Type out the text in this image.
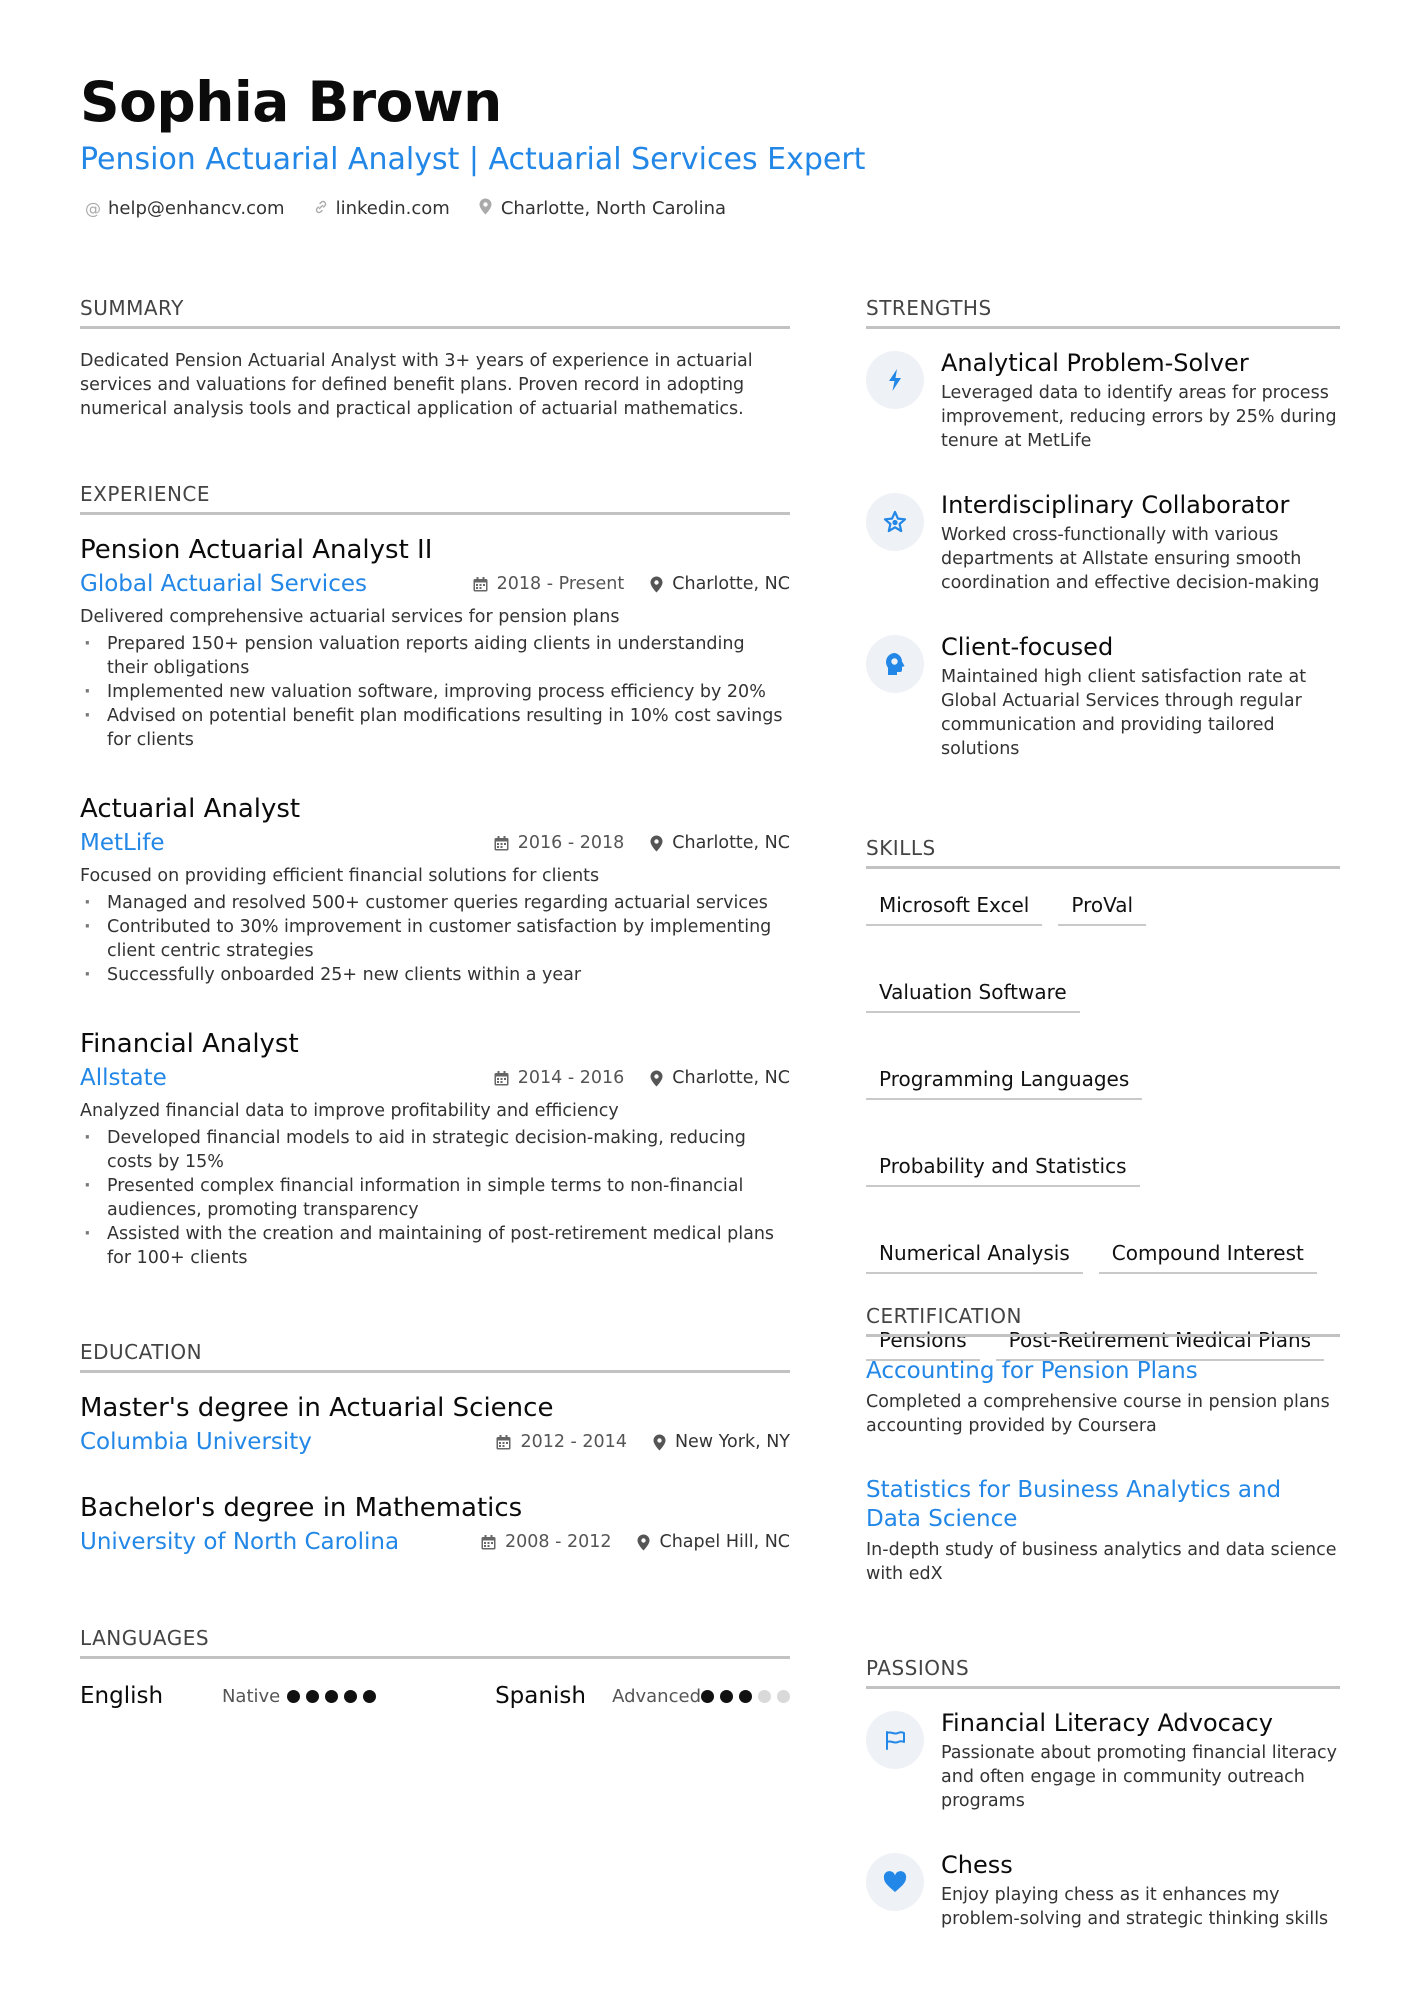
Sophia Brown
Pension Actuarial Analyst | Actuarial Services Expert
@ help@enhancv.com	linkedin.com	Charlotte, North Carolina
SUMMARY
Dedicated Pension Actuarial Analyst with 3+ years of experience in actuarial services and valuations for defined benefit plans. Proven record in adopting numerical analysis tools and practical application of actuarial mathematics.
EXPERIENCE
Pension Actuarial Analyst II
Global Actuarial Services	2018 - Present	Charlotte, NC
Delivered comprehensive actuarial services for pension plans
· Prepared 150+ pension valuation reports aiding clients in understanding their obligations
· Implemented new valuation software, improving process efficiency by 20%
· Advised on potential benefit plan modifications resulting in 10% cost savings for clients
Actuarial Analyst
MetLife	2016 - 2018	Charlotte, NC
Focused on providing efficient financial solutions for clients
· Managed and resolved 500+ customer queries regarding actuarial services
· Contributed to 30% improvement in customer satisfaction by implementing client centric strategies
· Successfully onboarded 25+ new clients within a year
Financial Analyst
Allstate	2014 - 2016	Charlotte, NC
Analyzed financial data to improve profitability and efficiency
· Developed financial models to aid in strategic decision-making, reducing costs by 15%
· Presented complex financial information in simple terms to non-financial audiences, promoting transparency
· Assisted with the creation and maintaining of post-retirement medical plans for 100+ clients
EDUCATION
Master's degree in Actuarial Science
Columbia University	2012 - 2014	New York, NY
Bachelor's degree in Mathematics
University of North Carolina	2008 - 2012	Chapel Hill, NC
LANGUAGES
English	Native	Spanish	Advanced
STRENGTHS
Analytical Problem-Solver
Leveraged data to identify areas for process improvement, reducing errors by 25% during tenure at MetLife
Interdisciplinary Collaborator
Worked cross-functionally with various departments at Allstate ensuring smooth coordination and effective decision-making
Client-focused
Maintained high client satisfaction rate at Global Actuarial Services through regular communication and providing tailored solutions
SKILLS
Microsoft Excel	ProVal
Valuation Software
Programming Languages
Probability and Statistics
Numerical Analysis	Compound Interest
Pensions	Post-Retirement Medical Plans
CERTIFICATION
Accounting for Pension Plans
Completed a comprehensive course in pension plans accounting provided by Coursera
Statistics for Business Analytics and Data Science
In-depth study of business analytics and data science with edX
PASSIONS
Financial Literacy Advocacy
Passionate about promoting financial literacy and often engage in community outreach programs
Chess
Enjoy playing chess as it enhances my problem-solving and strategic thinking skills
